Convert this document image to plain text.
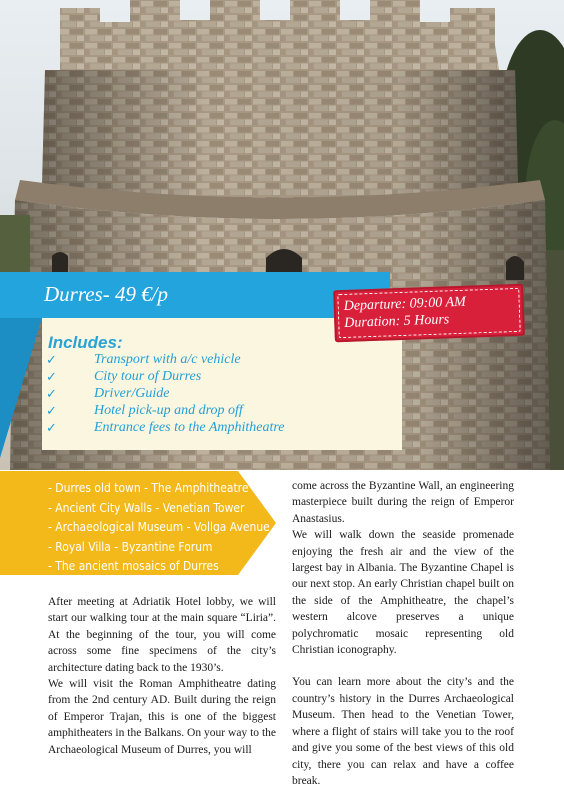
Durres- 49 €/p
Includes:
✓	Transport with a/c vehicle
✓	City tour of Durres
✓	Driver/Guide
✓	Hotel pick-up and drop off
✓	Entrance fees to the Amphitheatre
Departure: 09:00 AM
Duration: 5 Hours
- Durres old town - The Amphitheatre
- Ancient City Walls - Venetian Tower
- Archaeological Museum - Vollga Avenue
- Royal Villa - Byzantine Forum
- The ancient mosaics of Durres

After meeting at Adriatik Hotel lobby, we will start our walking tour at the main square “Liria”. At the beginning of the tour, you will come across some fine specimens of the city’s architecture dating back to the 1930’s.

We will visit the Roman Amphitheatre dating from the 2nd century AD. Built during the reign of Emperor Trajan, this is one of the biggest amphitheaters in the Balkans. On your way to the Archaeological Museum of Durres, you will

come across the Byzantine Wall, an engineering masterpiece built during the reign of Emperor Anastasius.

We will walk down the seaside promenade enjoying the fresh air and the view of the largest bay in Albania. The Byzantine Chapel is our next stop. An early Christian chapel built on the side of the Amphitheatre, the chapel’s western alcove preserves a unique polychromatic mosaic representing old Christian iconography.

You can learn more about the city’s and the country’s history in the Durres Archaeological Museum. Then head to the Venetian Tower, where a flight of stairs will take you to the roof and give you some of the best views of this old city, there you can relax and have a coffee break.
